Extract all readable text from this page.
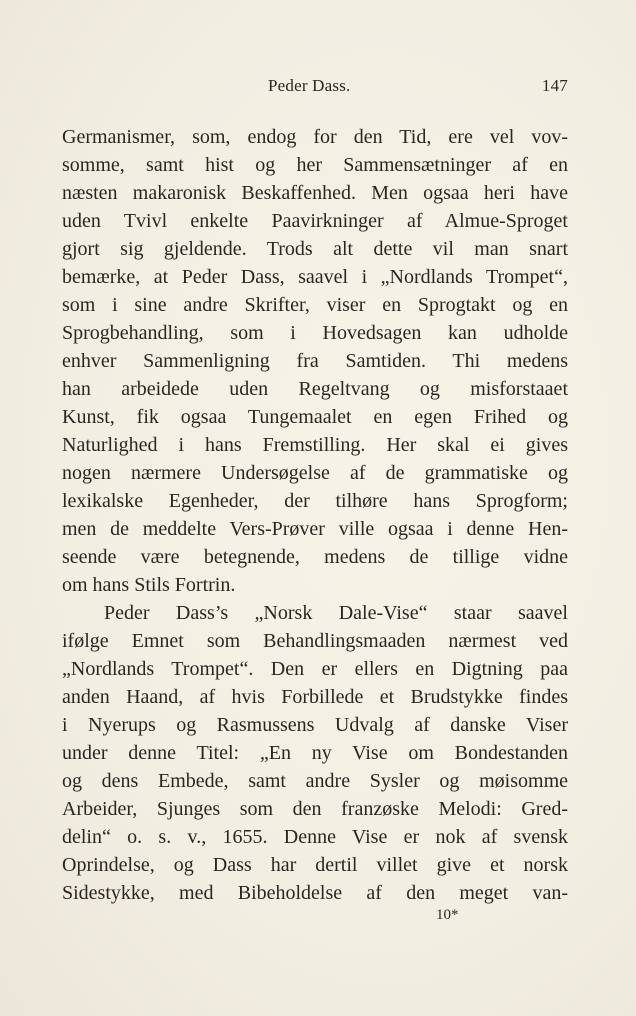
Peder Dass.	147
Germanismer, som, endog for den Tid, ere vel vov-
somme, samt hist og her Sammensætninger af en
næsten makaronisk Beskaffenhed. Men ogsaa heri have
uden Tvivl enkelte Paavirkninger af Almue-Sproget
gjort sig gjeldende. Trods alt dette vil man snart
bemærke, at Peder Dass, saavel i „Nordlands Trompet“,
som i sine andre Skrifter, viser en Sprogtakt og en
Sprogbehandling, som i Hovedsagen kan udholde
enhver Sammenligning fra Samtiden. Thi medens
han arbeidede uden Regeltvang og misforstaaet
Kunst, fik ogsaa Tungemaalet en egen Frihed og
Naturlighed i hans Fremstilling. Her skal ei gives
nogen nærmere Undersøgelse af de grammatiske og
lexikalske Egenheder, der tilhøre hans Sprogform;
men de meddelte Vers-Prøver ville ogsaa i denne Hen-
seende være betegnende, medens de tillige vidne
om hans Stils Fortrin.
Peder Dass’s „Norsk Dale-Vise“ staar saavel
ifølge Emnet som Behandlingsmaaden nærmest ved
„Nordlands Trompet“. Den er ellers en Digtning paa
anden Haand, af hvis Forbillede et Brudstykke findes
i Nyerups og Rasmussens Udvalg af danske Viser
under denne Titel: „En ny Vise om Bondestanden
og dens Embede, samt andre Sysler og møisomme
Arbeider, Sjunges som den franzøske Melodi: Gred-
delin“ o. s. v., 1655. Denne Vise er nok af svensk
Oprindelse, og Dass har dertil villet give et norsk
Sidestykke, med Bibeholdelse af den meget van-
10*
